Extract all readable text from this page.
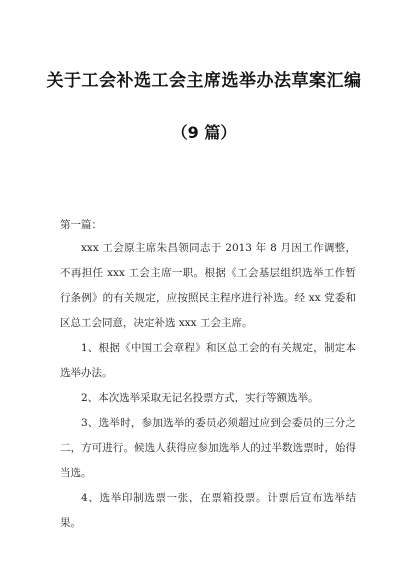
关于工会补选工会主席选举办法草案汇编
（9 篇）
第一篇：

xxx 工会原主席朱昌领同志于 2013 年 8 月因工作调整，不再担任 xxx 工会主席一职。根据《工会基层组织选举工作暂行条例》的有关规定，应按照民主程序进行补选。经 xx 党委和区总工会同意，决定补选 xxx 工会主席。

1、根据《中国工会章程》和区总工会的有关规定，制定本选举办法。

2、本次选举采取无记名投票方式，实行等额选举。

3、选举时，参加选举的委员必须超过应到会委员的三分之二，方可进行。候选人获得应参加选举人的过半数选票时，始得当选。

4、选举印制选票一张，在票箱投票。计票后宣布选举结果。
